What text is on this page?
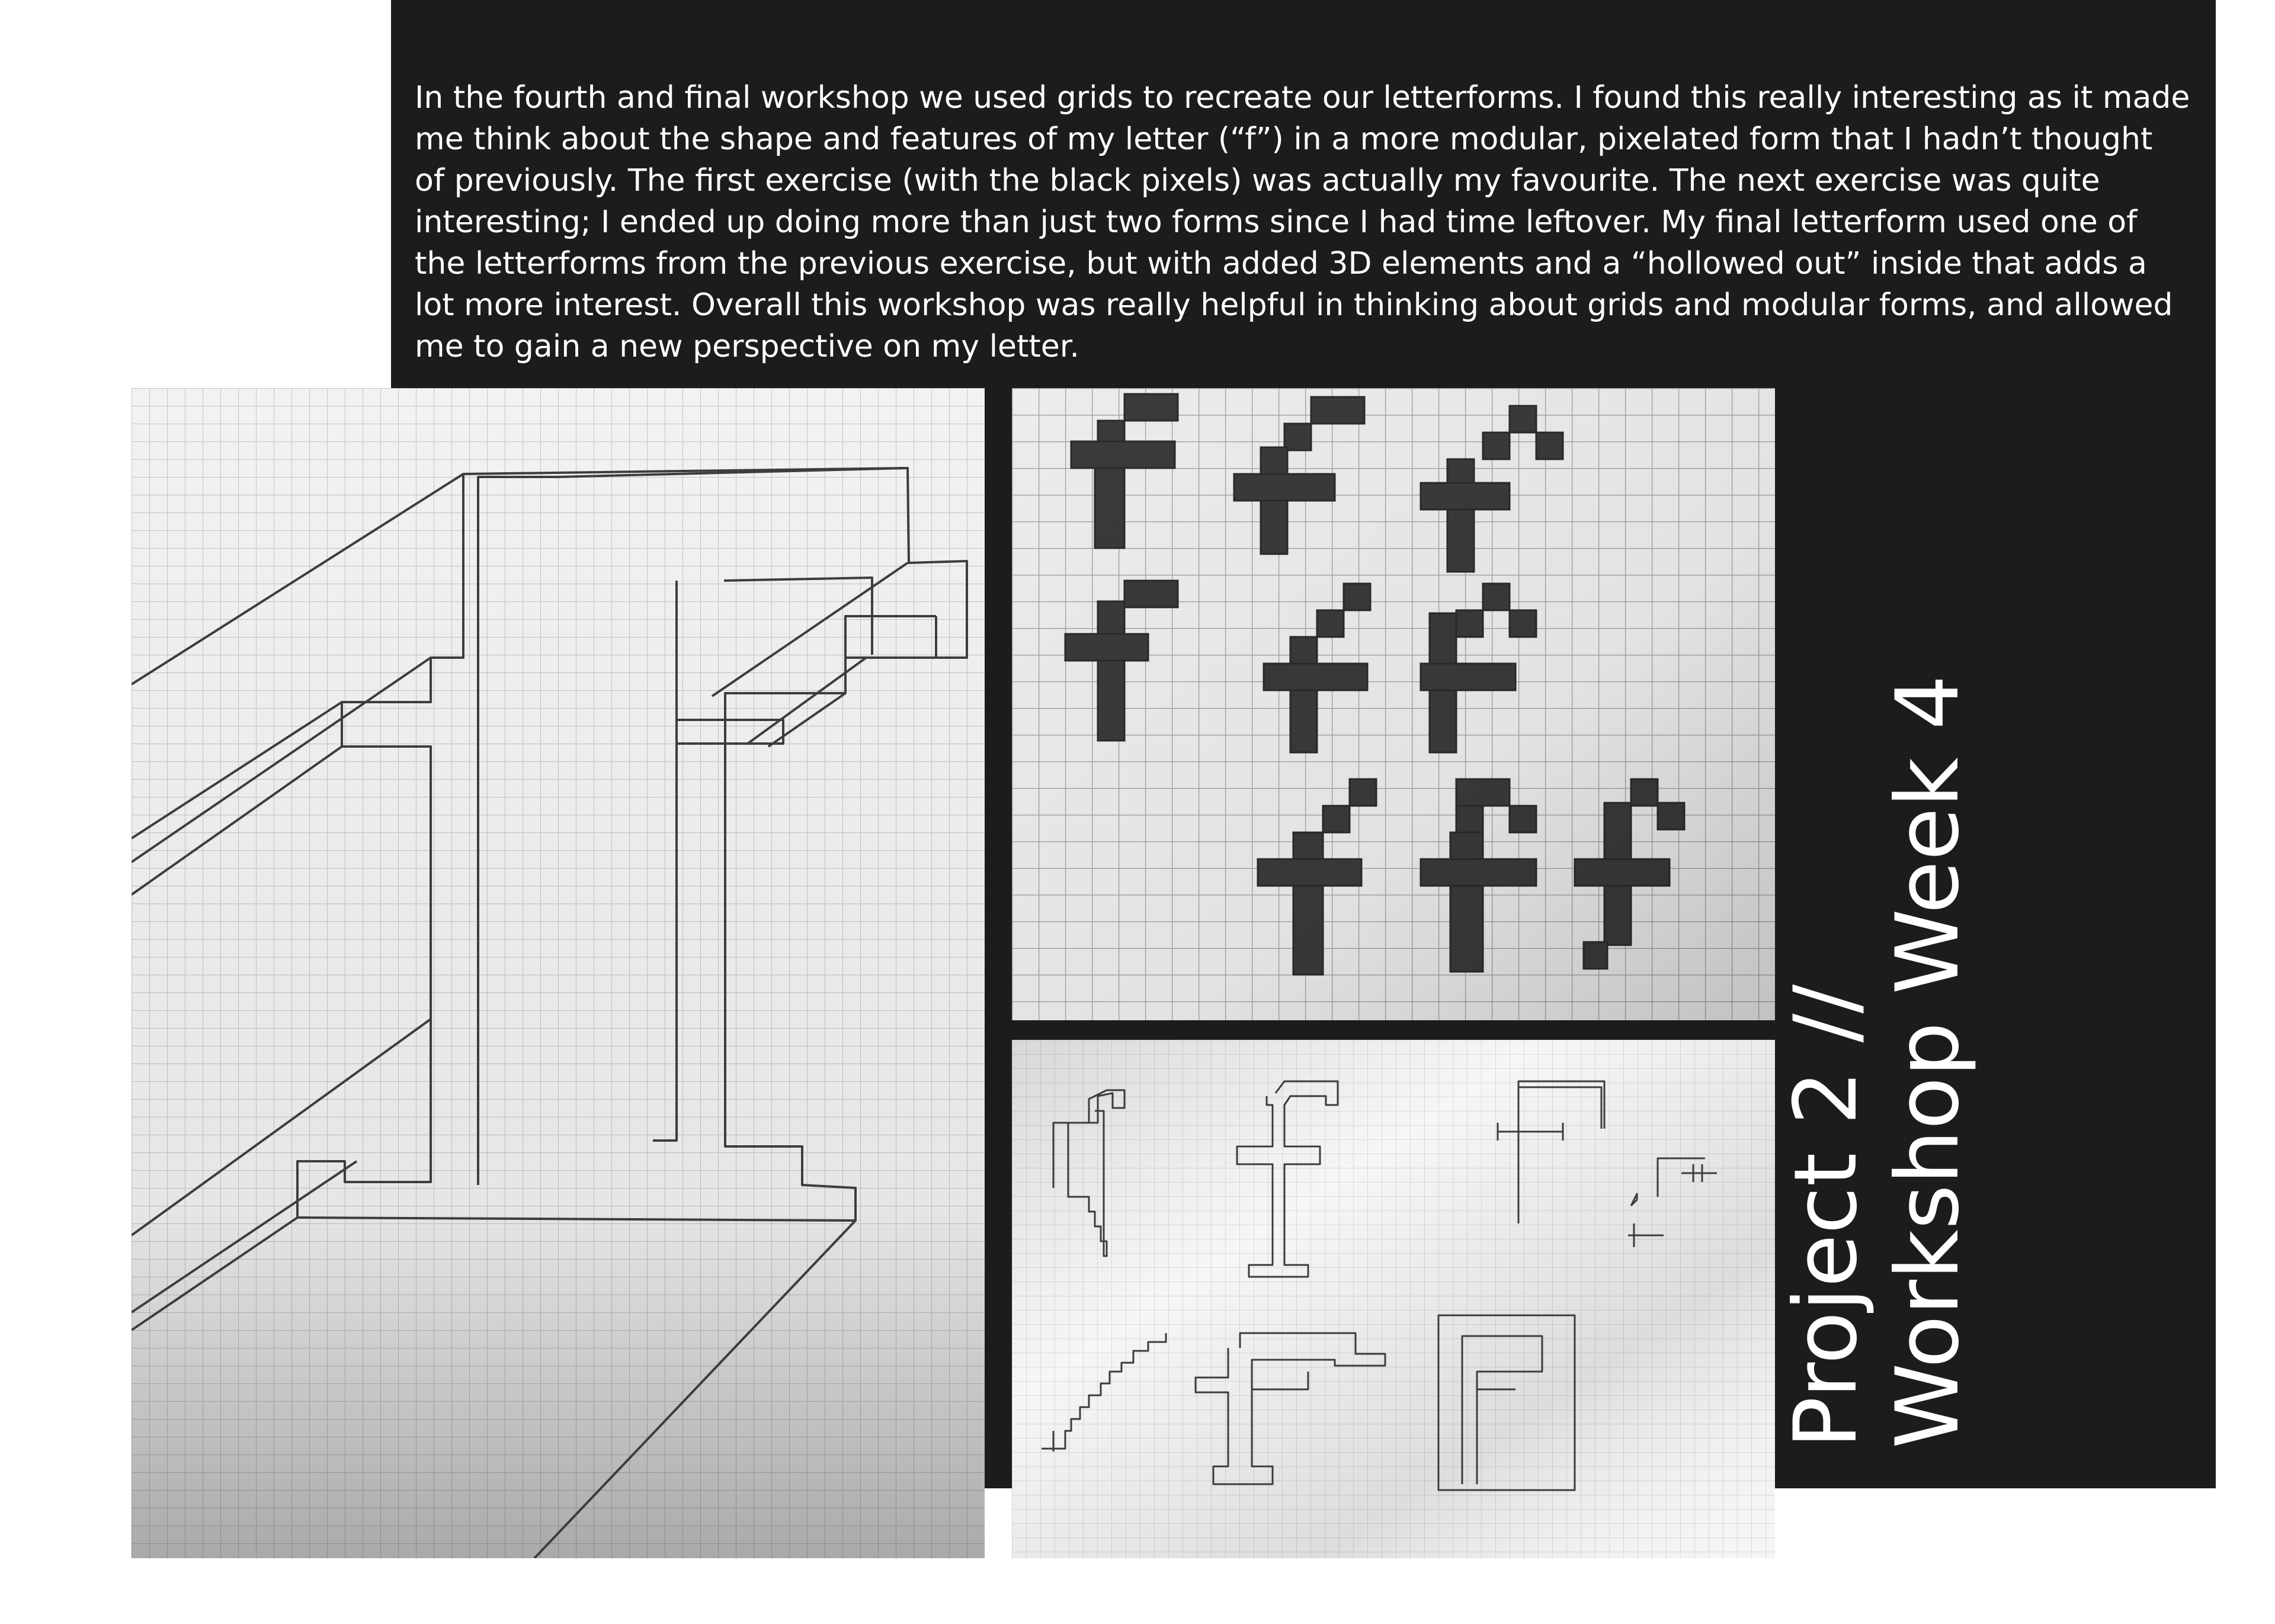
In the fourth and final workshop we used grids to recreate our letterforms. I found this really interesting as it made me think about the shape and features of my letter (“f”) in a more modular, pixelated form that I hadn’t thought of previously. The first exercise (with the black pixels) was actually my favourite. The next exercise was quite interesting; I ended up doing more than just two forms since I had time leftover. My final letterform used one of the letterforms from the previous exercise, but with added 3D elements and a “hollowed out” inside that adds a lot more interest. Overall this workshop was really helpful in thinking about grids and modular forms, and allowed me to gain a new perspective on my letter.

Project 2 // Workshop Week 4
